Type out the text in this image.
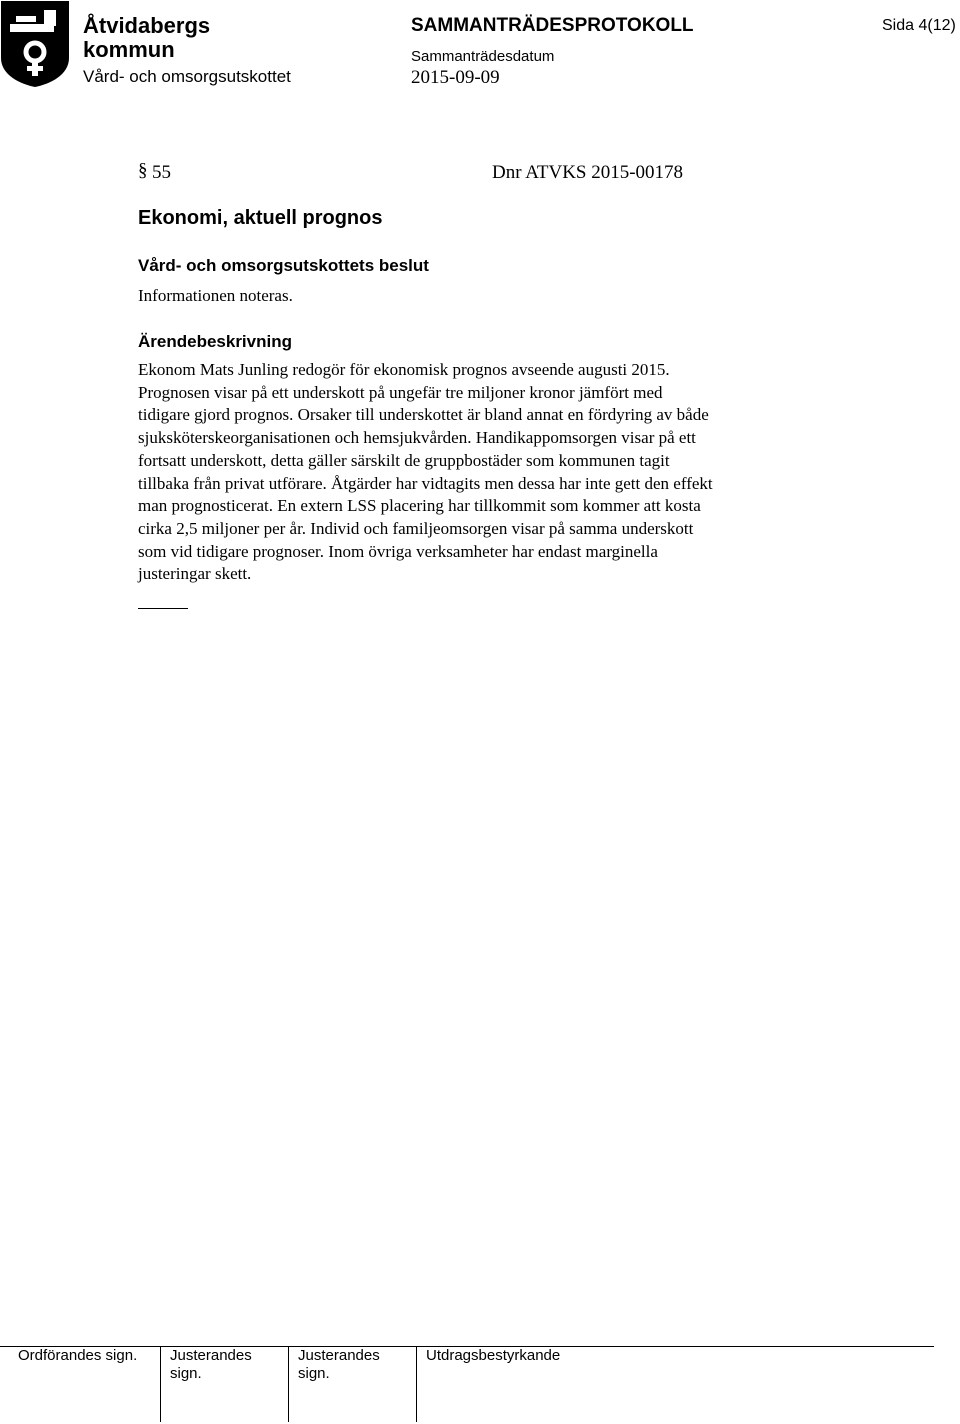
Åtvidabergs
kommun
Vård- och omsorgsutskottet
SAMMANTRÄDESPROTOKOLL
Sammanträdesdatum
2015-09-09
Sida 4(12)
§ 55	Dnr ATVKS 2015-00178
Ekonomi, aktuell prognos
Vård- och omsorgsutskottets beslut
Informationen noteras.
Ärendebeskrivning
Ekonom Mats Junling redogör för ekonomisk prognos avseende augusti 2015.
Prognosen visar på ett underskott på ungefär tre miljoner kronor jämfört med
tidigare gjord prognos. Orsaker till underskottet är bland annat en fördyring av både
sjuksköterskeorganisationen och hemsjukvården. Handikappomsorgen visar på ett
fortsatt underskott, detta gäller särskilt de gruppbostäder som kommunen tagit
tillbaka från privat utförare. Åtgärder har vidtagits men dessa har inte gett den effekt
man prognosticerat. En extern LSS placering har tillkommit som kommer att kosta
cirka 2,5 miljoner per år. Individ och familjeomsorgen visar på samma underskott
som vid tidigare prognoser. Inom övriga verksamheter har endast marginella
justeringar skett.
Ordförandes sign. Justerandes
sign.
Justerandes
sign.
Utdragsbestyrkande
